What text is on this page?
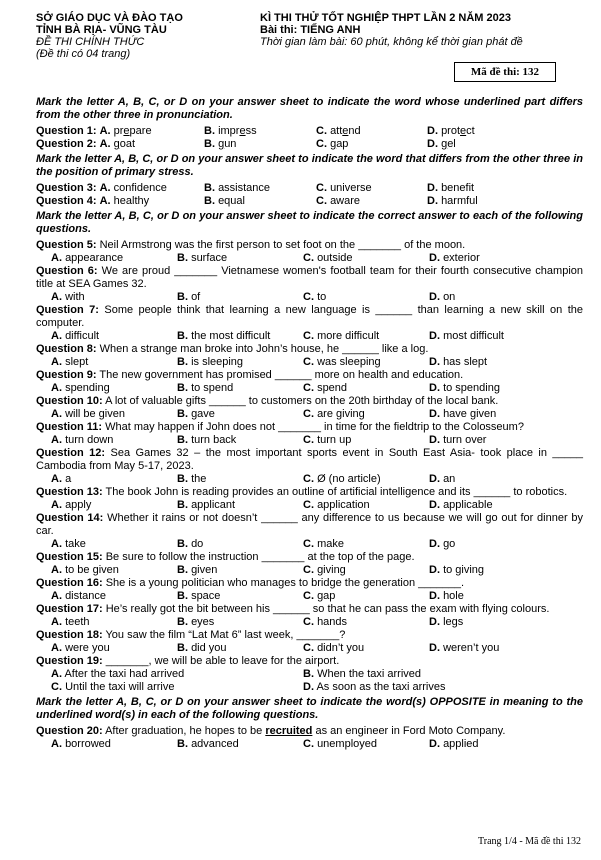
SỞ GIÁO DỤC VÀ ĐÀO TẠO
TỈNH BÀ RỊA- VŨNG TÀU
ĐỀ THI CHÍNH THỨC
(Đề thi có 04 trang)
KÌ THI THỬ TỐT NGHIỆP THPT LẦN 2 NĂM 2023
Bài thi: TIẾNG ANH
Thời gian làm bài: 60 phút, không kể thời gian phát đề
Mã đề thi: 132
Mark the letter A, B, C, or D on your answer sheet to indicate the word whose underlined part differs from the other three in pronunciation.
Question 1: A. prepare	B. impress	C. attend	D. protect
Question 2: A. goat	B. gun	C. gap	D. gel
Mark the letter A, B, C, or D on your answer sheet to indicate the word that differs from the other three in the position of primary stress.
Question 3: A. confidence	B. assistance	C. universe	D. benefit
Question 4: A. healthy	B. equal	C. aware	D. harmful
Mark the letter A, B, C, or D on your answer sheet to indicate the correct answer to each of the following questions.
Question 5: Neil Armstrong was the first person to set foot on the _______ of the moon.
A. appearance	B. surface	C. outside	D. exterior
Question 6: We are proud _______ Vietnamese women's football team for their fourth consecutive champion title at SEA Games 32.
A. with	B. of	C. to	D. on
Question 7: Some people think that learning a new language is ______ than learning a new skill on the computer.
A. difficult	B. the most difficult	C. more difficult	D. most difficult
Question 8: When a strange man broke into John’s house, he ______ like a log.
A. slept	B. is sleeping	C. was sleeping	D. has slept
Question 9: The new government has promised ______ more on health and education.
A. spending	B. to spend	C. spend	D. to spending
Question 10: A lot of valuable gifts ______ to customers on the 20th birthday of the local bank.
A. will be given	B. gave	C. are giving	D. have given
Question 11: What may happen if John does not _______ in time for the fieldtrip to the Colosseum?
A. turn down	B. turn back	C. turn up	D. turn over
Question 12: Sea Games 32 – the most important sports event in South East Asia- took place in _____ Cambodia from May 5-17, 2023.
A. a	B. the	C. Ø (no article)	D. an
Question 13: The book John is reading provides an outline of artificial intelligence and its ______ to robotics.
A. apply	B. applicant	C. application	D. applicable
Question 14: Whether it rains or not doesn’t ______ any difference to us because we will go out for dinner by car.
A. take	B. do	C. make	D. go
Question 15: Be sure to follow the instruction _______ at the top of the page.
A. to be given	B. given	C. giving	D. to giving
Question 16: She is a young politician who manages to bridge the generation _______.
A. distance	B. space	C. gap	D. hole
Question 17: He’s really got the bit between his ______ so that he can pass the exam with flying colours.
A. teeth	B. eyes	C. hands	D. legs
Question 18: You saw the film “Lat Mat 6” last week, _______?
A. were you	B. did you	C. didn’t you	D. weren’t you
Question 19: _______, we will be able to leave for the airport.
A. After the taxi had arrived	B. When the taxi arrived
C. Until the taxi will arrive	D. As soon as the taxi arrives
Mark the letter A, B, C, or D on your answer sheet to indicate the word(s) OPPOSITE in meaning to the underlined word(s) in each of the following questions.
Question 20: After graduation, he hopes to be recruited as an engineer in Ford Moto Company.
A. borrowed	B. advanced	C. unemployed	D. applied
Trang 1/4 - Mã đề thi 132
